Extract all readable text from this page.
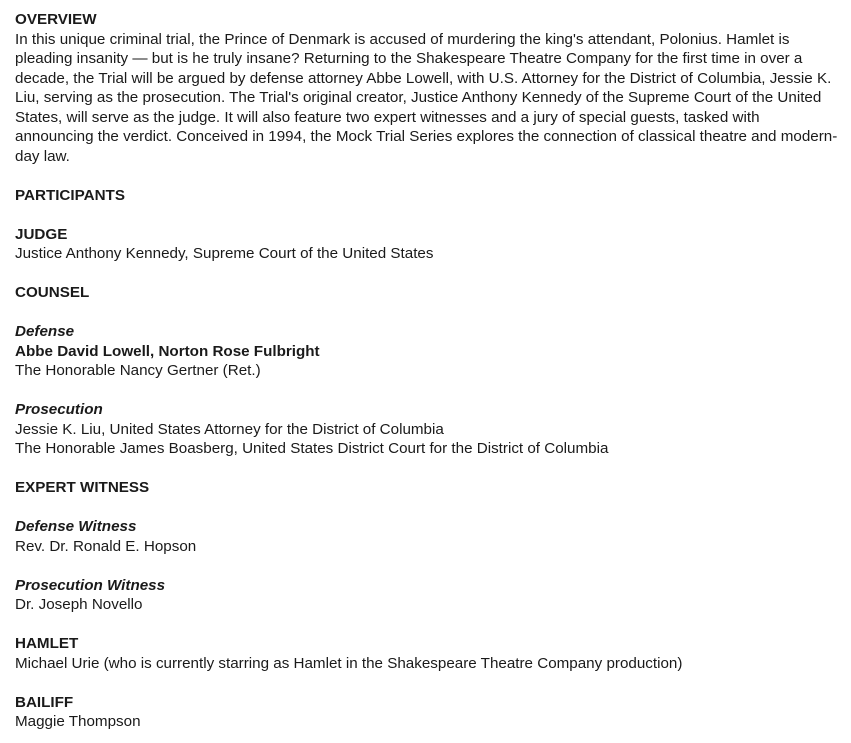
OVERVIEW

In this unique criminal trial, the Prince of Denmark is accused of murdering the king's attendant, Polonius. Hamlet is pleading insanity — but is he truly insane? Returning to the Shakespeare Theatre Company for the first time in over a decade, the Trial will be argued by defense attorney Abbe Lowell, with U.S. Attorney for the District of Columbia, Jessie K. Liu, serving as the prosecution. The Trial's original creator, Justice Anthony Kennedy of the Supreme Court of the United States, will serve as the judge. It will also feature two expert witnesses and a jury of special guests, tasked with announcing the verdict. Conceived in 1994, the Mock Trial Series explores the connection of classical theatre and modern-day law.

PARTICIPANTS
JUDGE
Justice Anthony Kennedy, Supreme Court of the United States
COUNSEL
Defense
Abbe David Lowell, Norton Rose Fulbright
The Honorable Nancy Gertner (Ret.)
Prosecution
Jessie K. Liu, United States Attorney for the District of Columbia
The Honorable James Boasberg, United States District Court for the District of Columbia
EXPERT WITNESS
Defense Witness
Rev. Dr. Ronald E. Hopson
Prosecution Witness
Dr. Joseph Novello
HAMLET
Michael Urie (who is currently starring as Hamlet in the Shakespeare Theatre Company production)
BAILIFF
Maggie Thompson
